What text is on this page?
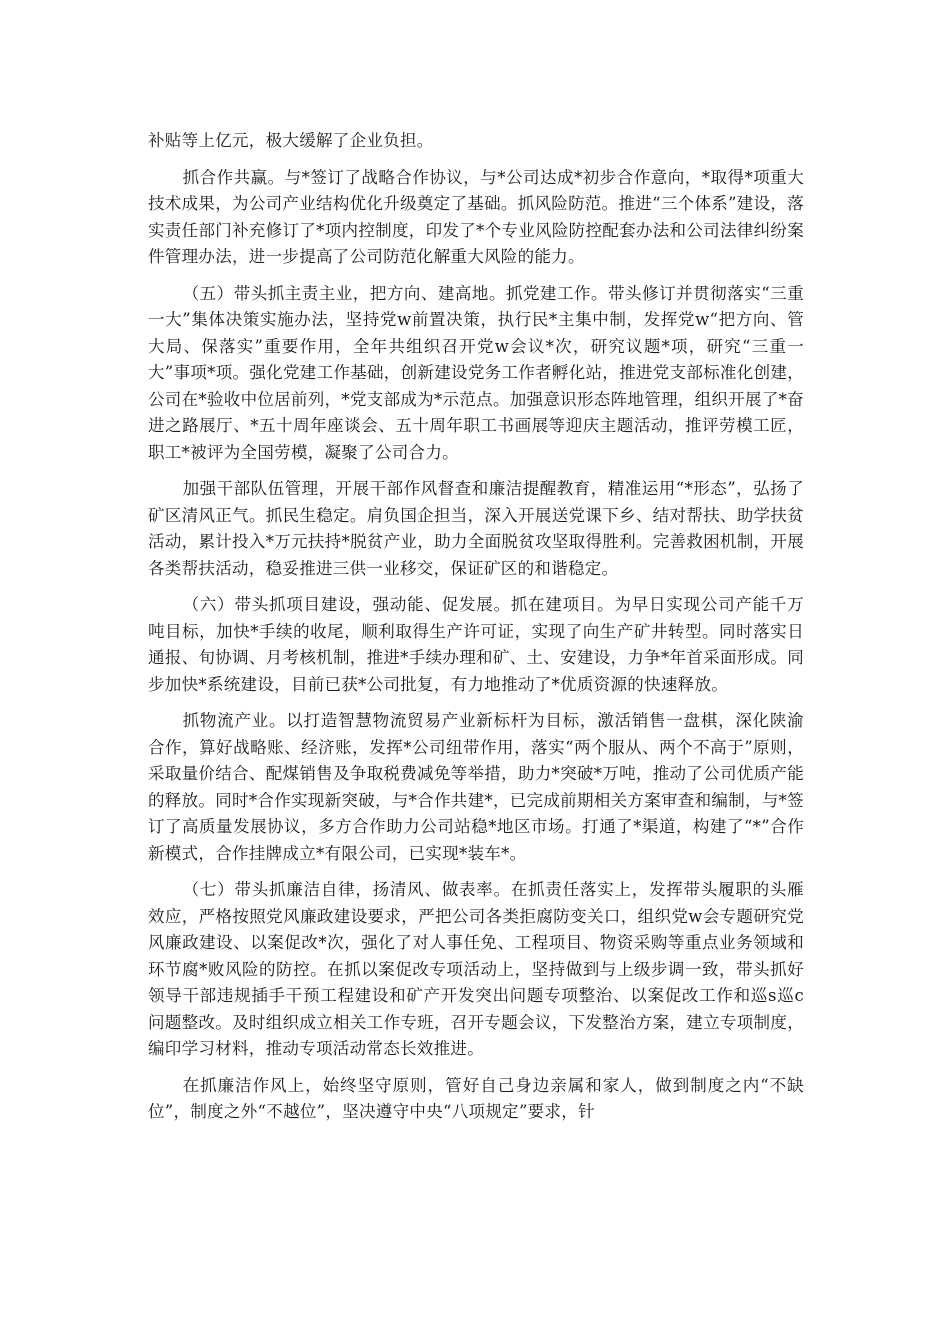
补贴等上亿元，极大缓解了企业负担。

抓合作共赢。与*签订了战略合作协议，与*公司达成*初步合作意向，*取得*项重大技术成果，为公司产业结构优化升级奠定了基础。抓风险防范。推进“三个体系”建设，落实责任部门补充修订了*项内控制度，印发了*个专业风险防控配套办法和公司法律纠纷案件管理办法，进一步提高了公司防范化解重大风险的能力。

（五）带头抓主责主业，把方向、建高地。抓党建工作。带头修订并贯彻落实“三重一大”集体决策实施办法，坚持党w前置决策，执行民*主集中制，发挥党w“把方向、管大局、保落实”重要作用，全年共组织召开党w会议*次，研究议题*项，研究“三重一大”事项*项。强化党建工作基础，创新建设党务工作者孵化站，推进党支部标准化创建，公司在*验收中位居前列，*党支部成为*示范点。加强意识形态阵地管理，组织开展了*奋进之路展厅、*五十周年座谈会、五十周年职工书画展等迎庆主题活动，推评劳模工匠，职工*被评为全国劳模，凝聚了公司合力。

加强干部队伍管理，开展干部作风督查和廉洁提醒教育，精准运用“*形态”，弘扬了矿区清风正气。抓民生稳定。肩负国企担当，深入开展送党课下乡、结对帮扶、助学扶贫活动，累计投入*万元扶持*脱贫产业，助力全面脱贫攻坚取得胜利。完善救困机制，开展各类帮扶活动，稳妥推进三供一业移交，保证矿区的和谐稳定。

（六）带头抓项目建设，强动能、促发展。抓在建项目。为早日实现公司产能千万吨目标，加快*手续的收尾，顺利取得生产许可证，实现了向生产矿井转型。同时落实日通报、旬协调、月考核机制，推进*手续办理和矿、土、安建设，力争*年首采面形成。同步加快*系统建设，目前已获*公司批复，有力地推动了*优质资源的快速释放。

抓物流产业。以打造智慧物流贸易产业新标杆为目标，激活销售一盘棋，深化陕渝合作，算好战略账、经济账，发挥*公司纽带作用，落实“两个服从、两个不高于”原则，采取量价结合、配煤销售及争取税费减免等举措，助力*突破*万吨，推动了公司优质产能的释放。同时*合作实现新突破，与*合作共建*，已完成前期相关方案审查和编制，与*签订了高质量发展协议，多方合作助力公司站稳*地区市场。打通了*渠道，构建了“*”合作新模式，合作挂牌成立*有限公司，已实现*装车*。

（七）带头抓廉洁自律，扬清风、做表率。在抓责任落实上，发挥带头履职的头雁效应，严格按照党风廉政建设要求，严把公司各类拒腐防变关口，组织党w会专题研究党风廉政建设、以案促改*次，强化了对人事任免、工程项目、物资采购等重点业务领域和环节腐*败风险的防控。在抓以案促改专项活动上，坚持做到与上级步调一致，带头抓好领导干部违规插手干预工程建设和矿产开发突出问题专项整治、以案促改工作和巡s巡c问题整改。及时组织成立相关工作专班，召开专题会议，下发整治方案，建立专项制度，编印学习材料，推动专项活动常态长效推进。

在抓廉洁作风上，始终坚守原则，管好自己身边亲属和家人，做到制度之内“不缺位”，制度之外“不越位”，坚决遵守中央“八项规定”要求，针
